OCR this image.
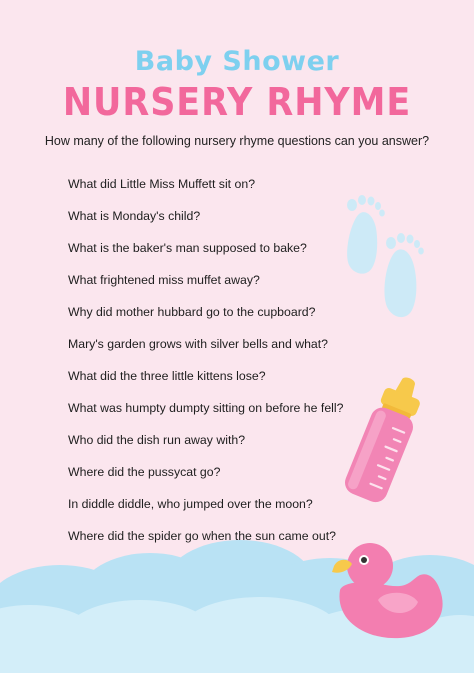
Baby Shower
NURSERY RHYME
How many of the following nursery rhyme questions can you answer?
What did Little Miss Muffett sit on?
What is Monday's child?
What is the baker's man supposed to bake?
What frightened miss muffet away?
Why did mother hubbard go to the cupboard?
Mary's garden grows with silver bells and what?
What did the three little kittens lose?
What was humpty dumpty sitting on before he fell?
Who did the dish run away with?
Where did the pussycat go?
In diddle diddle, who jumped over the moon?
Where did the spider go when the sun came out?
